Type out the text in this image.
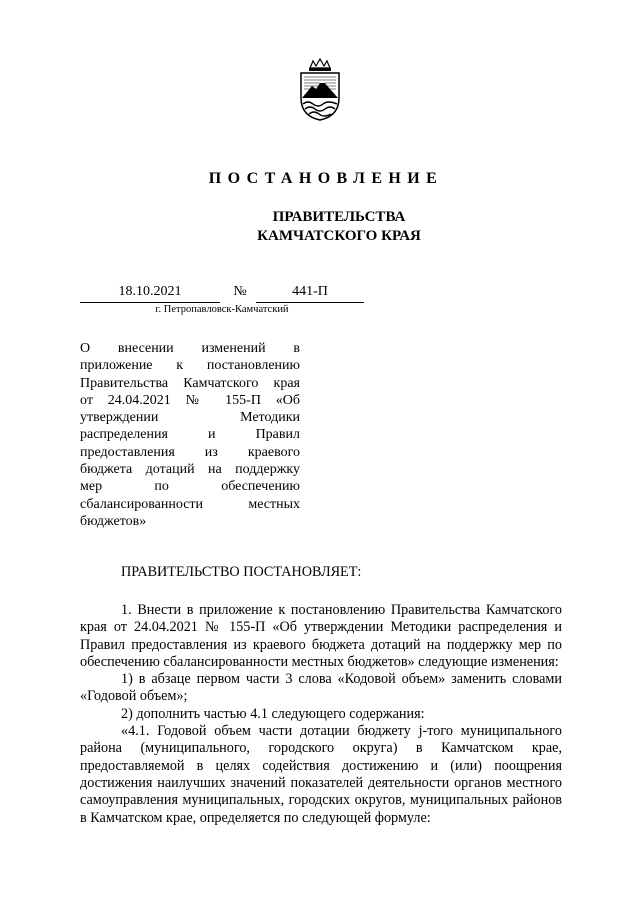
ПОСТАНОВЛЕНИЕ
ПРАВИТЕЛЬСТВА
КАМЧАТСКОГО КРАЯ
18.10.2021	№	441-П
г. Петропавловск-Камчатский
О внесении изменений в
приложение к постановлению
Правительства Камчатского края
от 24.04.2021 № 155-П «Об
утверждении Методики
распределения и Правил
предоставления из краевого
бюджета дотаций на поддержку
мер по обеспечению
сбалансированности местных
бюджетов»
ПРАВИТЕЛЬСТВО ПОСТАНОВЛЯЕТ:

1. Внести в приложение к постановлению Правительства Камчатского края от 24.04.2021 № 155-П «Об утверждении Методики распределения и Правил предоставления из краевого бюджета дотаций на поддержку мер по обеспечению сбалансированности местных бюджетов» следующие изменения:

1) в абзаце первом части 3 слова «Кодовой объем» заменить словами «Годовой объем»;

2) дополнить частью 4.1 следующего содержания:

«4.1. Годовой объем части дотации бюджету j-того муниципального района (муниципального, городского округа) в Камчатском крае, предоставляемой в целях содействия достижению и (или) поощрения достижения наилучших значений показателей деятельности органов местного самоуправления муниципальных, городских округов, муниципальных районов в Камчатском крае, определяется по следующей формуле:
